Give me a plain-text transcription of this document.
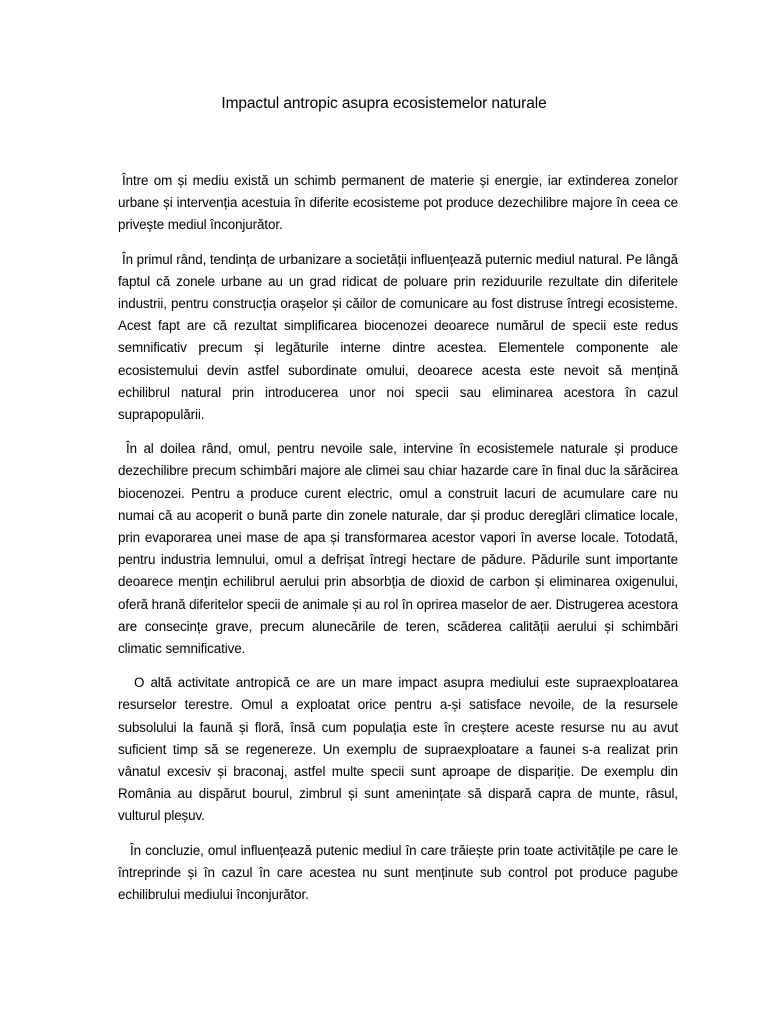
Impactul antropic asupra ecosistemelor naturale

Între om și mediu există un schimb permanent de materie și energie, iar extinderea zonelor urbane și intervenția acestuia în diferite ecosisteme pot produce dezechilibre majore în ceea ce privește mediul înconjurător.

În primul rând, tendința de urbanizare a societății influențează puternic mediul natural. Pe lângă faptul că zonele urbane au un grad ridicat de poluare prin reziduurile rezultate din diferitele industrii, pentru construcția orașelor și căilor de comunicare au fost distruse întregi ecosisteme. Acest fapt are că rezultat simplificarea biocenozei deoarece numărul de specii este redus semnificativ precum și legăturile interne dintre acestea. Elementele componente ale ecosistemului devin astfel subordinate omului, deoarece acesta este nevoit să mențină echilibrul natural prin introducerea unor noi specii sau eliminarea acestora în cazul suprapopulării.

În al doilea rând, omul, pentru nevoile sale, intervine în ecosistemele naturale și produce dezechilibre precum schimbări majore ale climei sau chiar hazarde care în final duc la sărăcirea biocenozei. Pentru a produce curent electric, omul a construit lacuri de acumulare care nu numai că au acoperit o bună parte din zonele naturale, dar și produc dereglări climatice locale, prin evaporarea unei mase de apa și transformarea acestor vapori în averse locale. Totodată, pentru industria lemnului, omul a defrișat întregi hectare de pădure. Pădurile sunt importante deoarece mențin echilibrul aerului prin absorbția de dioxid de carbon și eliminarea oxigenului, oferă hrană diferitelor specii de animale și au rol în oprirea maselor de aer. Distrugerea acestora are consecințe grave, precum alunecările de teren, scăderea calității aerului și schimbări climatic semnificative.

O altă activitate antropică ce are un mare impact asupra mediului este supraexploatarea resurselor terestre. Omul a exploatat orice pentru a-și satisface nevoile, de la resursele subsolului la faună și floră, însă cum populația este în creștere aceste resurse nu au avut suficient timp să se regenereze. Un exemplu de supraexploatare a faunei s-a realizat prin vânatul excesiv și braconaj, astfel multe specii sunt aproape de dispariție. De exemplu din România au dispărut bourul, zimbrul și sunt amenințate să dispară capra de munte, râsul, vulturul pleșuv.

În concluzie, omul influențează putenic mediul în care trăiește prin toate activitățile pe care le întreprinde și în cazul în care acestea nu sunt menținute sub control pot produce pagube echilibrului mediului înconjurător.
